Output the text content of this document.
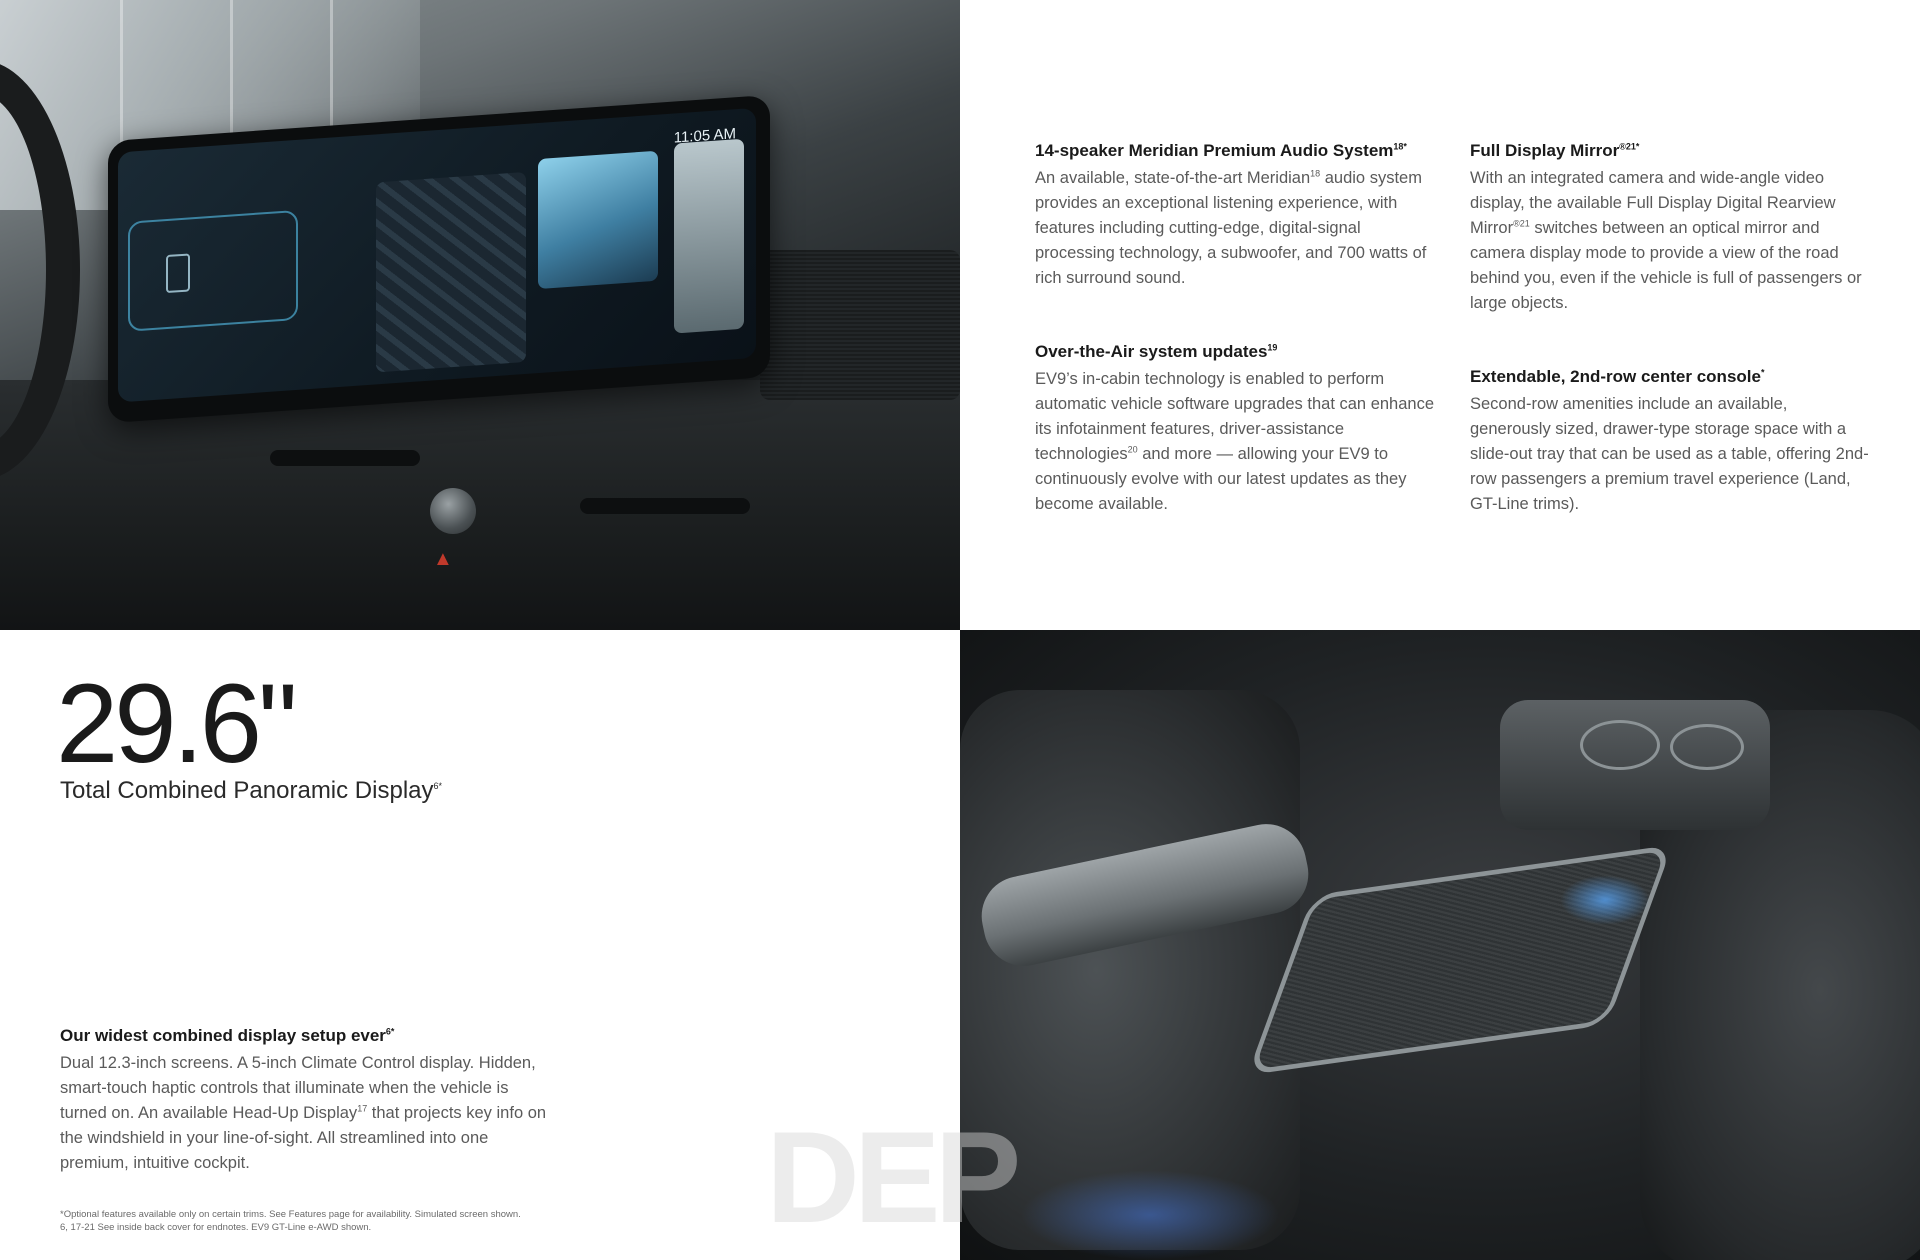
11:05 AM
▲
14-speaker Meridian Premium Audio System$^{18*}$
An available, state-of-the-art Meridian$^{18}$ audio system provides an exceptional listening experience, with features including cutting-edge, digital-signal processing technology, a subwoofer, and 700 watts of rich surround sound.
Full Display Mirror$^{®21*}$
With an integrated camera and wide-angle video display, the available Full Display Digital Rearview Mirror$^{®21}$ switches between an optical mirror and camera display mode to provide a view of the road behind you, even if the vehicle is full of passengers or large objects.
Over-the-Air system updates$^{19}$
EV9’s in-cabin technology is enabled to perform automatic vehicle software upgrades that can enhance its infotainment features, driver-assistance technologies$^{20}$ and more — allowing your EV9 to continuously evolve with our latest updates as they become available.
Extendable, 2nd-row center console*
Second-row amenities include an available, generously sized, drawer-type storage space with a slide-out tray that can be used as a table, offering 2nd-row passengers a premium travel experience (Land, GT-Line trims).
29.6"
Total Combined Panoramic Display$^{6*}$
Our widest combined display setup ever$^{6*}$
Dual 12.3-inch screens. A 5-inch Climate Control display. Hidden, smart-touch haptic controls that illuminate when the vehicle is turned on. An available Head-Up Display$^{17}$ that projects key info on the windshield in your line-of-sight. All streamlined into one premium, intuitive cockpit.	DEP
*Optional features available only on certain trims. See Features page for availability. Simulated screen shown. 6, 17-21 See inside back cover for endnotes. EV9 GT-Line e-AWD shown.
